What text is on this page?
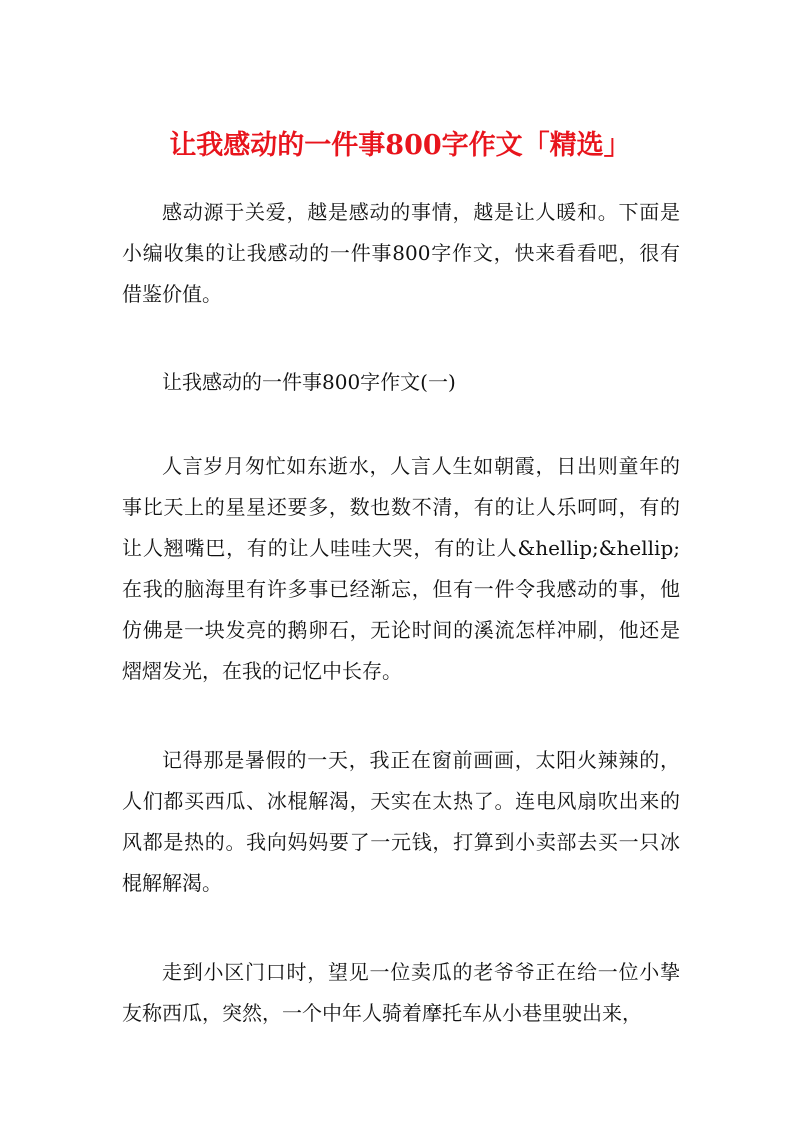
让我感动的一件事800字作文「精选」

感动源于关爱，越是感动的事情，越是让人暖和。下面是小编收集的让我感动的一件事800字作文，快来看看吧，很有借鉴价值。

让我感动的一件事800字作文(一)

人言岁月匆忙如东逝水，人言人生如朝霞，日出则童年的事比天上的星星还要多，数也数不清，有的让人乐呵呵，有的让人翘嘴巴，有的让人哇哇大哭，有的让人&hellip;&hellip;在我的脑海里有许多事已经渐忘，但有一件令我感动的事，他仿佛是一块发亮的鹅卵石，无论时间的溪流怎样冲刷，他还是熠熠发光，在我的记忆中长存。

记得那是暑假的一天，我正在窗前画画，太阳火辣辣的，人们都买西瓜、冰棍解渴，天实在太热了。连电风扇吹出来的风都是热的。我向妈妈要了一元钱，打算到小卖部去买一只冰棍解解渴。

走到小区门口时，望见一位卖瓜的老爷爷正在给一位小挚友称西瓜，突然，一个中年人骑着摩托车从小巷里驶出来，
